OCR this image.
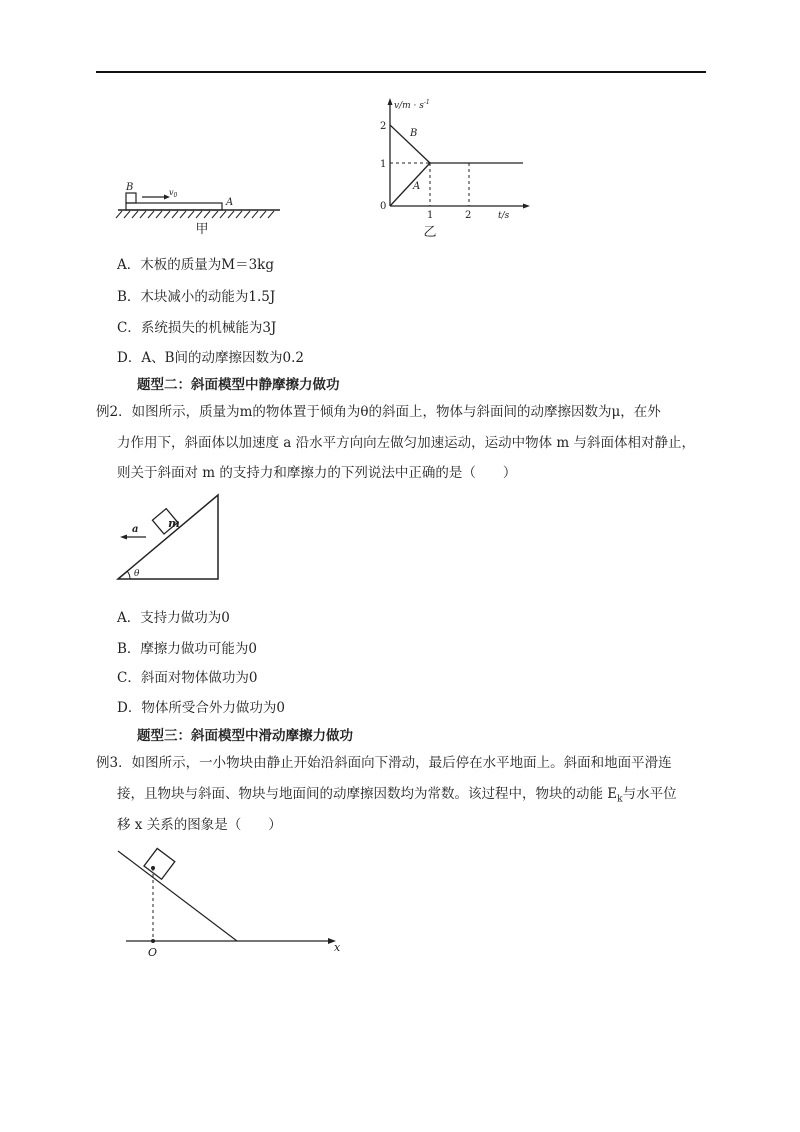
B	$v_0$
A
甲
$v/m \cdot s^{-1}$
t/s
2
1
0
1	2
B
A
乙
A．木板的质量为M＝3kg
B．木块减小的动能为1.5J
C．系统损失的机械能为3J
D．A、B间的动摩擦因数为0.2
题型二：斜面模型中静摩擦力做功
例2．如图所示，质量为m的物体置于倾角为θ的斜面上，物体与斜面间的动摩擦因数为μ，在外
力作用下，斜面体以加速度 a 沿水平方向向左做匀加速运动，运动中物体 m 与斜面体相对静止，
则关于斜面对 m 的支持力和摩擦力的下列说法中正确的是（　　）
m
a
θ
A．支持力做功为0
B．摩擦力做功可能为0
C．斜面对物体做功为0
D．物体所受合外力做功为0
题型三：斜面模型中滑动摩擦力做功
例3．如图所示，一小物块由静止开始沿斜面向下滑动，最后停在水平地面上。斜面和地面平滑连
接，且物块与斜面、物块与地面间的动摩擦因数均为常数。该过程中，物块的动能 $E_k$与水平位
移 x 关系的图象是（　　）
O	x
